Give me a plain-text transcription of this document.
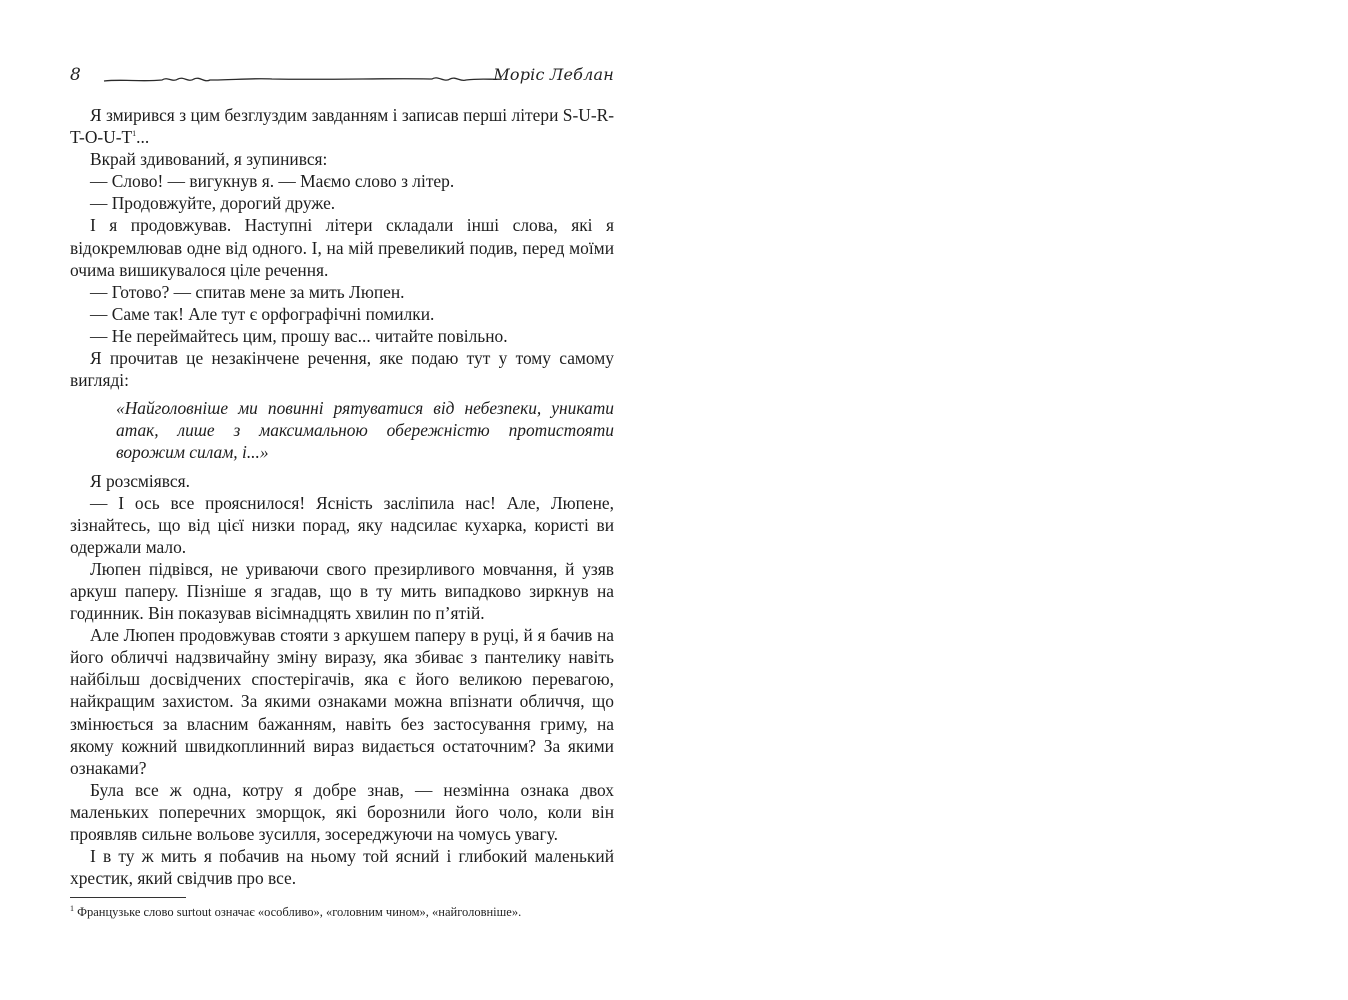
8	Моріс Леблан

Я змирився з цим безглуздим завданням і записав перші літери S-U-R-T-O-U-T$^1$...

Вкрай здивований, я зупинився:

— Слово! — вигукнув я. — Маємо слово з літер.

— Продовжуйте, дорогий друже.

І я продовжував. Наступні літери складали інші слова, які я відокремлював одне від одного. І, на мій превеликий подив, перед моїми очима вишикувалося ціле речення.

— Готово? — спитав мене за мить Люпен.

— Саме так! Але тут є орфографічні помилки.

— Не переймайтесь цим, прошу вас... читайте повільно.

Я прочитав це незакінчене речення, яке подаю тут у тому самому вигляді:

«Найголовніше ми повинні рятуватися від небезпеки, уникати атак, лише з максимальною обережністю протистояти ворожим силам, і...»

Я розсміявся.

— І ось все прояснилося! Ясність засліпила нас! Але, Люпене, зізнайтесь, що від цієї низки порад, яку надсилає кухарка, користі ви одержали мало.

Люпен підвівся, не уриваючи свого презирливого мовчання, й узяв аркуш паперу. Пізніше я згадав, що в ту мить випадково зиркнув на годинник. Він показував вісімнадцять хвилин по п’ятій.

Але Люпен продовжував стояти з аркушем паперу в руці, й я бачив на його обличчі надзвичайну зміну виразу, яка збиває з пантелику навіть найбільш досвідчених спостерігачів, яка є його великою перевагою, найкращим захистом. За якими ознаками можна впізнати обличчя, що змінюється за власним бажанням, навіть без застосування гриму, на якому кожний швидкоплинний вираз видається остаточним? За якими ознаками?

Була все ж одна, котру я добре знав, — незмінна ознака двох маленьких поперечних зморщок, які борознили його чоло, коли він проявляв сильне вольове зусилля, зосереджуючи на чомусь увагу.

І в ту ж мить я побачив на ньому той ясний і глибокий маленький хрестик, який свідчив про все.

$^1$ Французьке слово surtout означає «особливо», «головним чином», «найголовніше».
